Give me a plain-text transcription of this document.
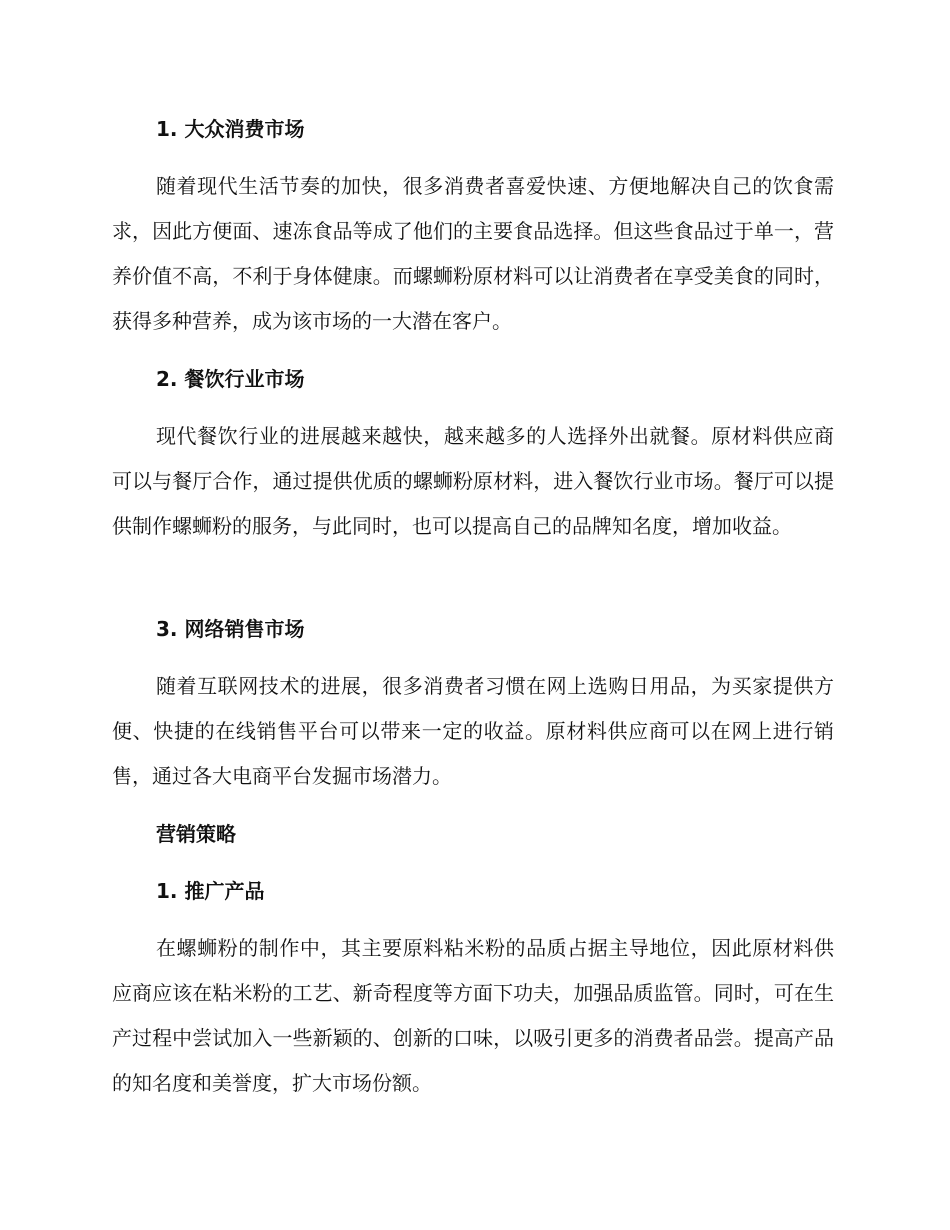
1. 大众消费市场

随着现代生活节奏的加快，很多消费者喜爱快速、方便地解决自己的饮食需求，因此方便面、速冻食品等成了他们的主要食品选择。但这些食品过于单一，营养价值不高，不利于身体健康。而螺蛳粉原材料可以让消费者在享受美食的同时，获得多种营养，成为该市场的一大潜在客户。

2. 餐饮行业市场

现代餐饮行业的进展越来越快，越来越多的人选择外出就餐。原材料供应商可以与餐厅合作，通过提供优质的螺蛳粉原材料，进入餐饮行业市场。餐厅可以提供制作螺蛳粉的服务，与此同时，也可以提高自己的品牌知名度，增加收益。

3. 网络销售市场

随着互联网技术的进展，很多消费者习惯在网上选购日用品，为买家提供方便、快捷的在线销售平台可以带来一定的收益。原材料供应商可以在网上进行销售，通过各大电商平台发掘市场潜力。

营销策略
1. 推广产品

在螺蛳粉的制作中，其主要原料粘米粉的品质占据主导地位，因此原材料供应商应该在粘米粉的工艺、新奇程度等方面下功夫，加强品质监管。同时，可在生产过程中尝试加入一些新颖的、创新的口味，以吸引更多的消费者品尝。提高产品的知名度和美誉度，扩大市场份额。
